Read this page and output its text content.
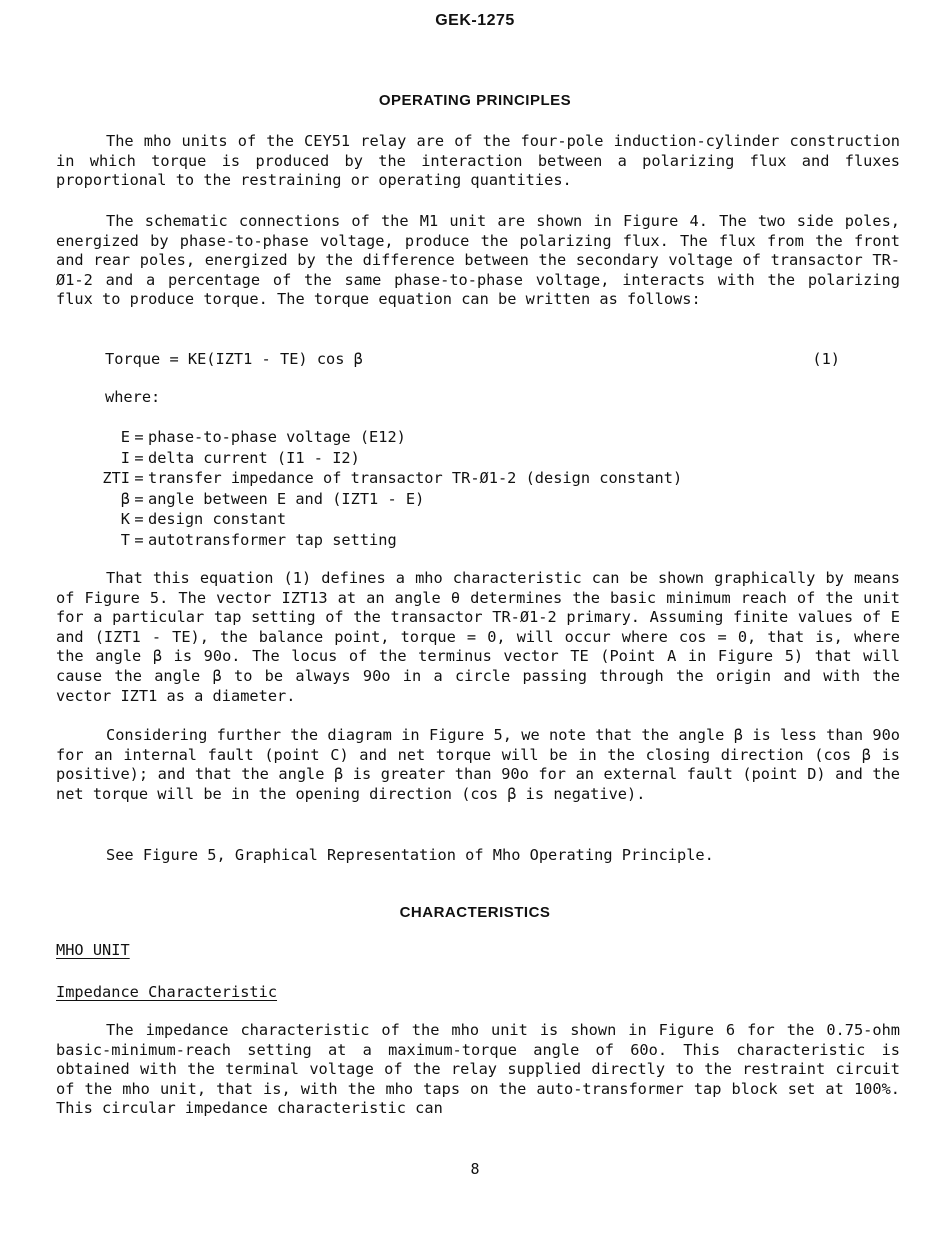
GEK-1275
OPERATING PRINCIPLES
The mho units of the CEY51 relay are of the four-pole induction-cylinder construction in which torque is produced by the interaction between a polarizing flux and fluxes proportional to the restraining or operating quantities.
The schematic connections of the M1 unit are shown in Figure 4. The two side poles, energized by phase-to-phase voltage, produce the polarizing flux. The flux from the front and rear poles, energized by the difference between the secondary voltage of transactor TR-Ø1-2 and a percentage of the same phase-to-phase voltage, interacts with the polarizing flux to produce torque. The torque equation can be written as follows:
Torque = KE(IZT1 - TE) cos β	(1)
where:
E = phase-to-phase voltage (E12)
I = delta current (I1 - I2)
ZTI = transfer impedance of transactor TR-Ø1-2 (design constant)
β = angle between E and (IZT1 - E)
K = design constant
T = autotransformer tap setting
That this equation (1) defines a mho characteristic can be shown graphically by means of Figure 5. The vector IZT13 at an angle θ determines the basic minimum reach of the unit for a particular tap setting of the transactor TR-Ø1-2 primary. Assuming finite values of E and (IZT1 - TE), the balance point, torque = 0, will occur where cos = 0, that is, where the angle β is 90o. The locus of the terminus vector TE (Point A in Figure 5) that will cause the angle β to be always 90o in a circle passing through the origin and with the vector IZT1 as a diameter.
Considering further the diagram in Figure 5, we note that the angle β is less than 90o for an internal fault (point C) and net torque will be in the closing direction (cos β is positive); and that the angle β is greater than 90o for an external fault (point D) and the net torque will be in the opening direction (cos β is negative).
See Figure 5, Graphical Representation of Mho Operating Principle.
CHARACTERISTICS
MHO UNIT
Impedance Characteristic
The impedance characteristic of the mho unit is shown in Figure 6 for the 0.75-ohm basic-minimum-reach setting at a maximum-torque angle of 60o. This characteristic is obtained with the terminal voltage of the relay supplied directly to the restraint circuit of the mho unit, that is, with the mho taps on the auto-transformer tap block set at 100%. This circular impedance characteristic can
8
